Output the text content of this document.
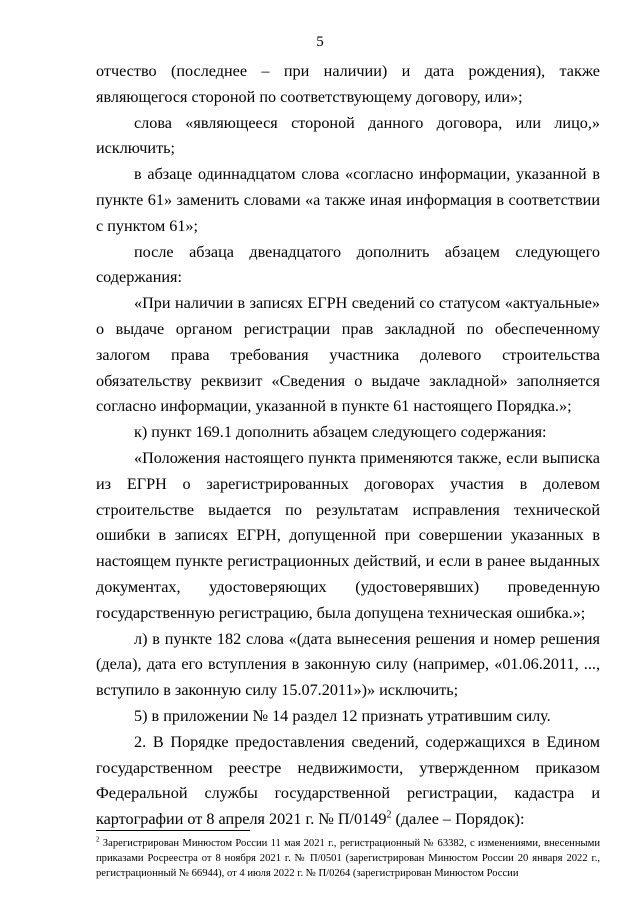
5

отчество (последнее – при наличии) и дата рождения), также являющегося стороной по соответствующему договору, или»;

слова «являющееся стороной данного договора, или лицо,» исключить;

в абзаце одиннадцатом слова «согласно информации, указанной в пункте 61» заменить словами «а также иная информация в соответствии с пунктом 61»;

после абзаца двенадцатого дополнить абзацем следующего содержания:

«При наличии в записях ЕГРН сведений со статусом «актуальные» о выдаче органом регистрации прав закладной по обеспеченному залогом права требования участника долевого строительства обязательству реквизит «Сведения о выдаче закладной» заполняется согласно информации, указанной в пункте 61 настоящего Порядка.»;

к) пункт 169.1 дополнить абзацем следующего содержания:

«Положения настоящего пункта применяются также, если выписка из ЕГРН о зарегистрированных договорах участия в долевом строительстве выдается по результатам исправления технической ошибки в записях ЕГРН, допущенной при совершении указанных в настоящем пункте регистрационных действий, и если в ранее выданных документах, удостоверяющих (удостоверявших) проведенную государственную регистрацию, была допущена техническая ошибка.»;

л) в пункте 182 слова «(дата вынесения решения и номер решения (дела), дата его вступления в законную силу (например, «01.06.2011, ..., вступило в законную силу 15.07.2011»)» исключить;

5) в приложении № 14 раздел 12 признать утратившим силу.

2. В Порядке предоставления сведений, содержащихся в Едином государственном реестре недвижимости, утвержденном приказом Федеральной службы государственной регистрации, кадастра и картографии от 8 апреля 2021 г. № П/0149$^2$ (далее – Порядок):

$^2$ Зарегистрирован Минюстом России 11 мая 2021 г., регистрационный № 63382, с изменениями, внесенными приказами Росреестра от 8 ноября 2021 г. № П/0501 (зарегистрирован Минюстом России 20 января 2022 г., регистрационный № 66944), от 4 июля 2022 г. № П/0264 (зарегистрирован Минюстом России
